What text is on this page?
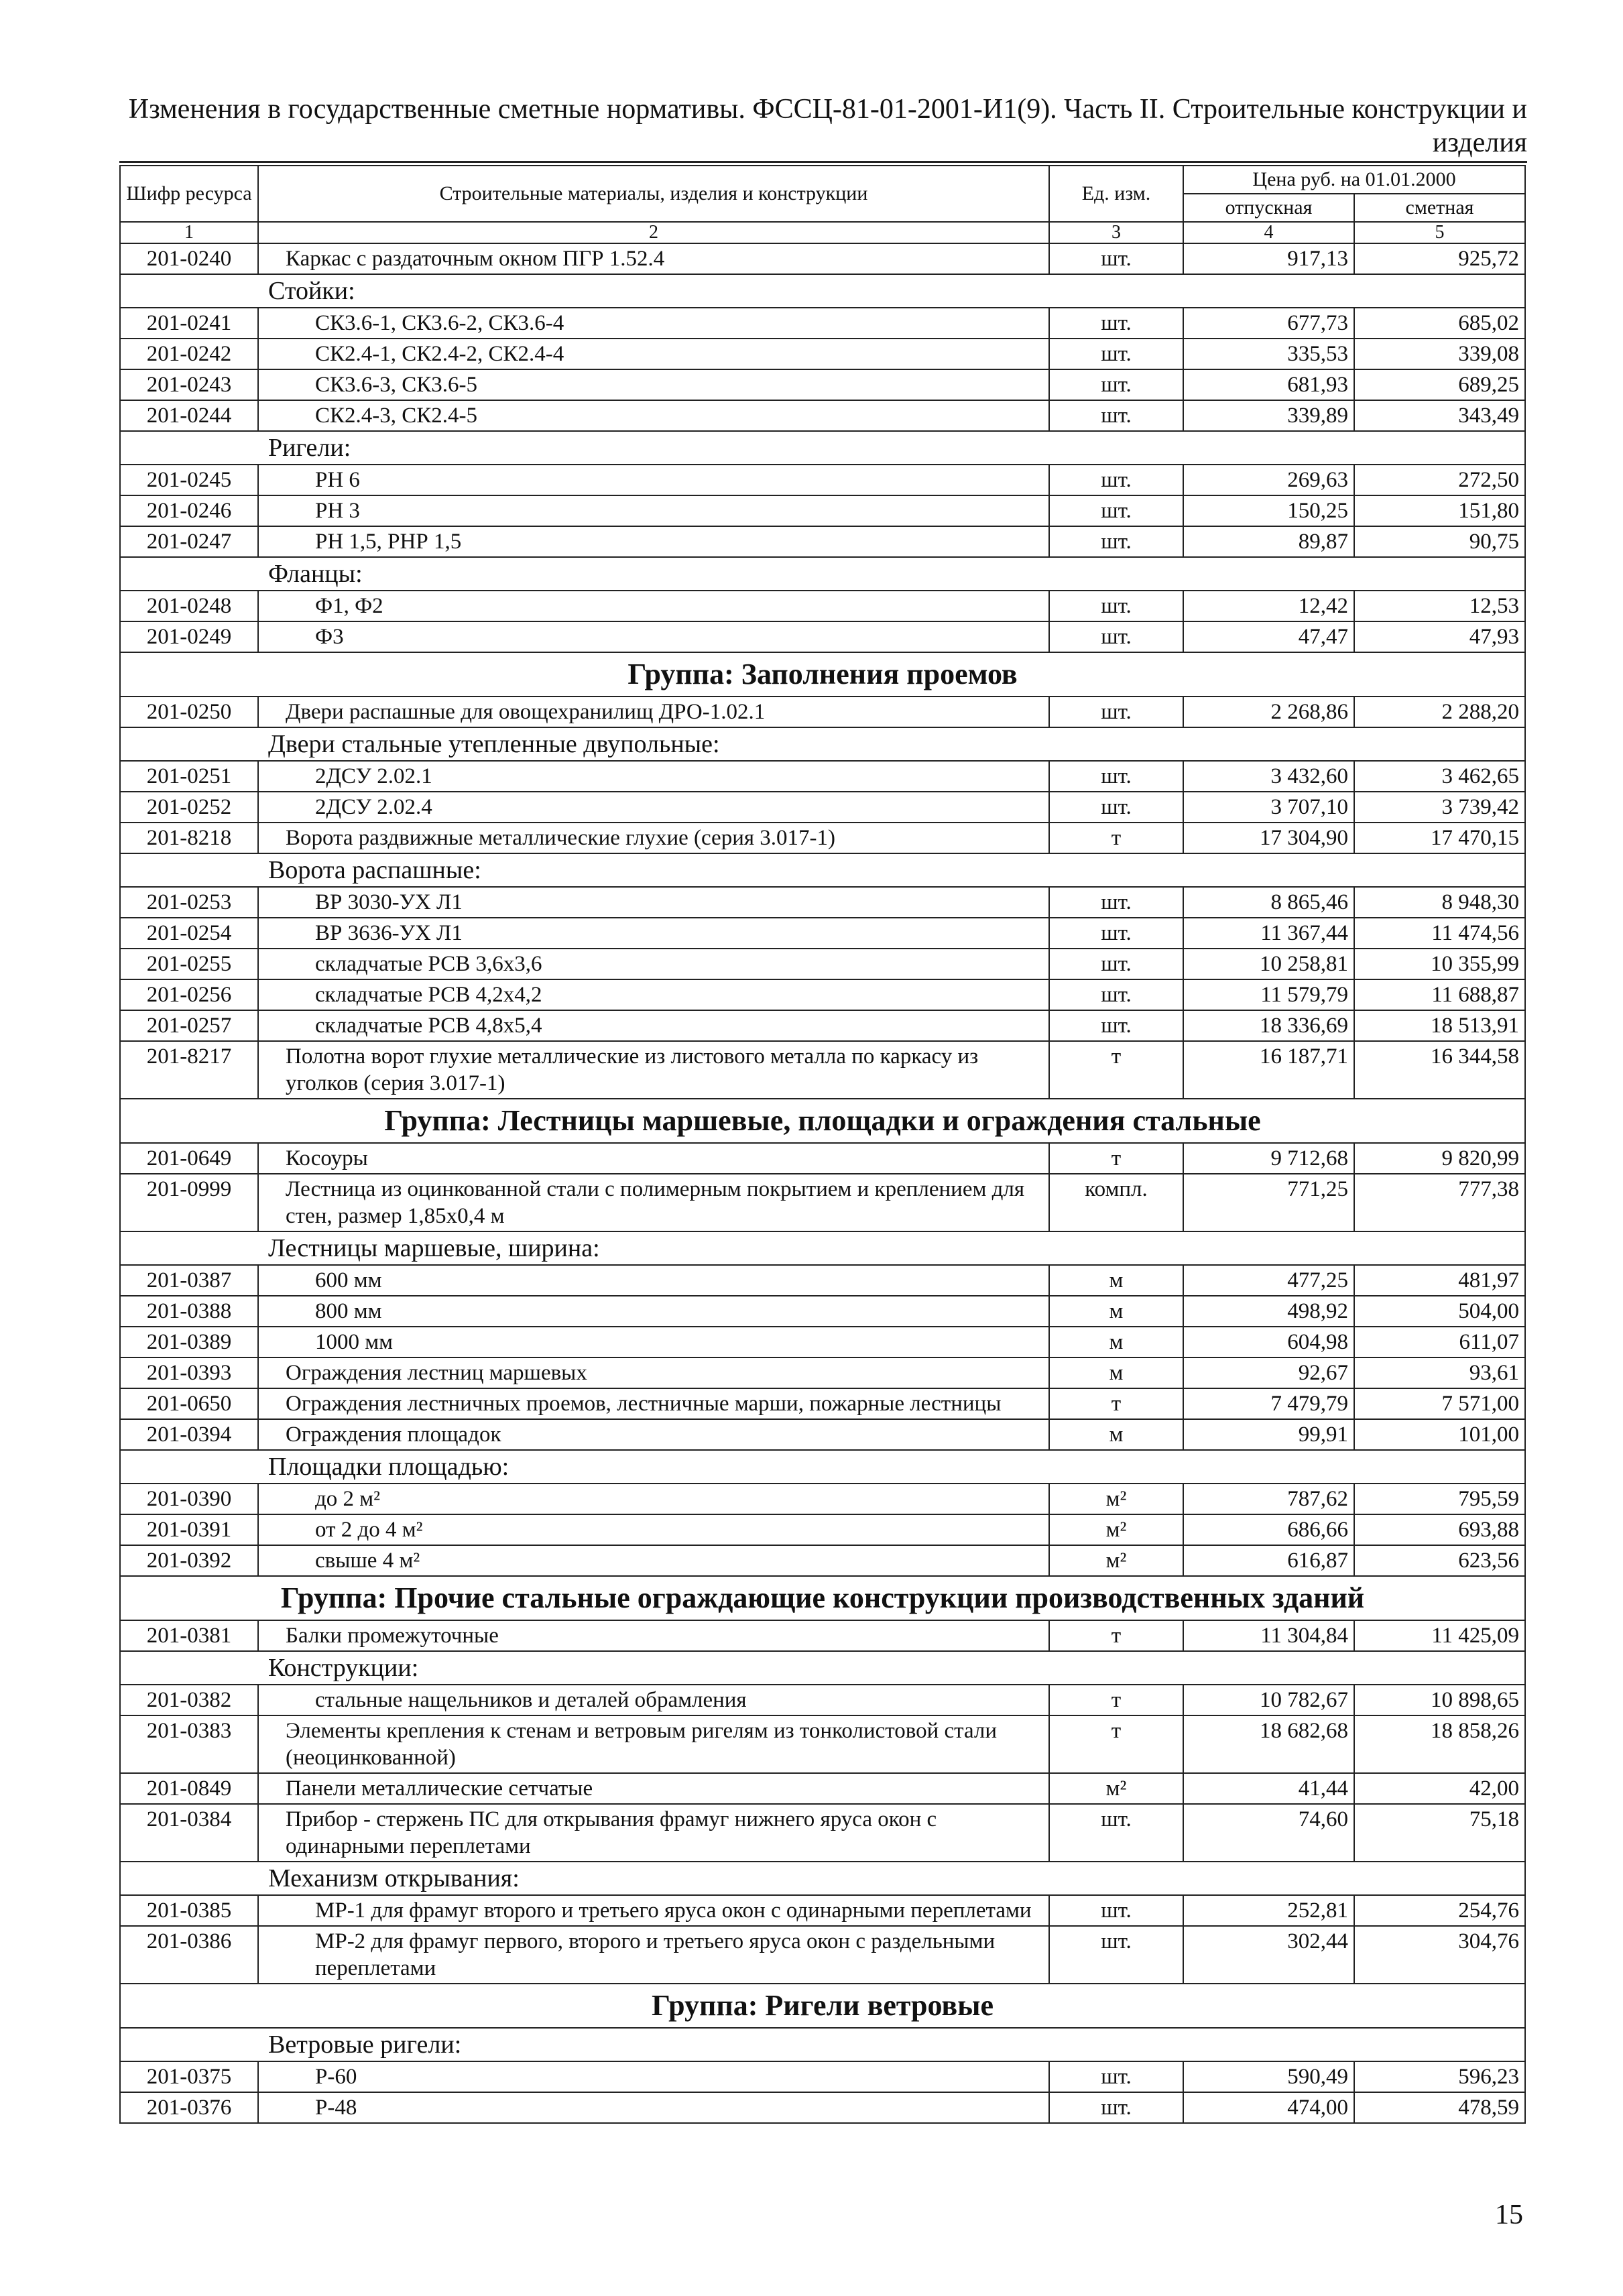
Изменения в государственные сметные нормативы. ФССЦ-81-01-2001-И1(9). Часть II. Строительные конструкции и изделия
Шифр ресурса	Строительные материалы, изделия и конструкции	Ед. изм.	Цена руб. на 01.01.2000	
			отпускная	сметная
1	2	3	4	5
201-0240	Каркас с раздаточным окном ПГР 1.52.4	шт.	917,13	925,72
Стойки:				
201-0241	СК3.6-1, СК3.6-2, СК3.6-4	шт.	677,73	685,02
201-0242	СК2.4-1, СК2.4-2, СК2.4-4	шт.	335,53	339,08
201-0243	СК3.6-3, СК3.6-5	шт.	681,93	689,25
201-0244	СК2.4-3, СК2.4-5	шт.	339,89	343,49
Ригели:				
201-0245	РН 6	шт.	269,63	272,50
201-0246	РН 3	шт.	150,25	151,80
201-0247	РН 1,5, РНР 1,5	шт.	89,87	90,75
Фланцы:				
201-0248	Ф1, Ф2	шт.	12,42	12,53
201-0249	Ф3	шт.	47,47	47,93
Группа: Заполнения проемов				
201-0250	Двери распашные для овощехранилищ ДРО-1.02.1	шт.	2 268,86	2 288,20
Двери стальные утепленные двупольные:				
201-0251	2ДСУ 2.02.1	шт.	3 432,60	3 462,65
201-0252	2ДСУ 2.02.4	шт.	3 707,10	3 739,42
201-8218	Ворота раздвижные металлические глухие (серия 3.017-1)	т	17 304,90	17 470,15
Ворота распашные:				
201-0253	ВР 3030-УХ Л1	шт.	8 865,46	8 948,30
201-0254	ВР 3636-УХ Л1	шт.	11 367,44	11 474,56
201-0255	складчатые РСВ 3,6x3,6	шт.	10 258,81	10 355,99
201-0256	складчатые РСВ 4,2x4,2	шт.	11 579,79	11 688,87
201-0257	складчатые РСВ 4,8x5,4	шт.	18 336,69	18 513,91
201-8217	Полотна ворот глухие металлические из листового металла по каркасу из уголков (серия 3.017-1)	т	16 187,71	16 344,58
Группа: Лестницы маршевые, площадки и ограждения стальные				
201-0649	Косоуры	т	9 712,68	9 820,99
201-0999	Лестница из оцинкованной стали с полимерным покрытием и креплением для стен, размер 1,85x0,4 м	компл.	771,25	777,38
Лестницы маршевые, ширина:				
201-0387	600 мм	м	477,25	481,97
201-0388	800 мм	м	498,92	504,00
201-0389	1000 мм	м	604,98	611,07
201-0393	Ограждения лестниц маршевых	м	92,67	93,61
201-0650	Ограждения лестничных проемов, лестничные марши, пожарные лестницы	т	7 479,79	7 571,00
201-0394	Ограждения площадок	м	99,91	101,00
Площадки площадью:				
201-0390	до 2 м²	м²	787,62	795,59
201-0391	от 2 до 4 м²	м²	686,66	693,88
201-0392	свыше 4 м²	м²	616,87	623,56
Группа: Прочие стальные ограждающие конструкции производственных зданий				
201-0381	Балки промежуточные	т	11 304,84	11 425,09
Конструкции:				
201-0382	стальные нащельников и деталей обрамления	т	10 782,67	10 898,65
201-0383	Элементы крепления к стенам и ветровым ригелям из тонколистовой стали (неоцинкованной)	т	18 682,68	18 858,26
201-0849	Панели металлические сетчатые	м²	41,44	42,00
201-0384	Прибор - стержень ПС для открывания фрамуг нижнего яруса окон с одинарными переплетами	шт.	74,60	75,18
Механизм открывания:				
201-0385	МР-1 для фрамуг второго и третьего яруса окон с одинарными переплетами	шт.	252,81	254,76
201-0386	МР-2 для фрамуг первого, второго и третьего яруса окон с раздельными переплетами	шт.	302,44	304,76
Группа: Ригели ветровые				
Ветровые ригели:				
201-0375	Р-60	шт.	590,49	596,23
201-0376	Р-48	шт.	474,00	478,59
15
